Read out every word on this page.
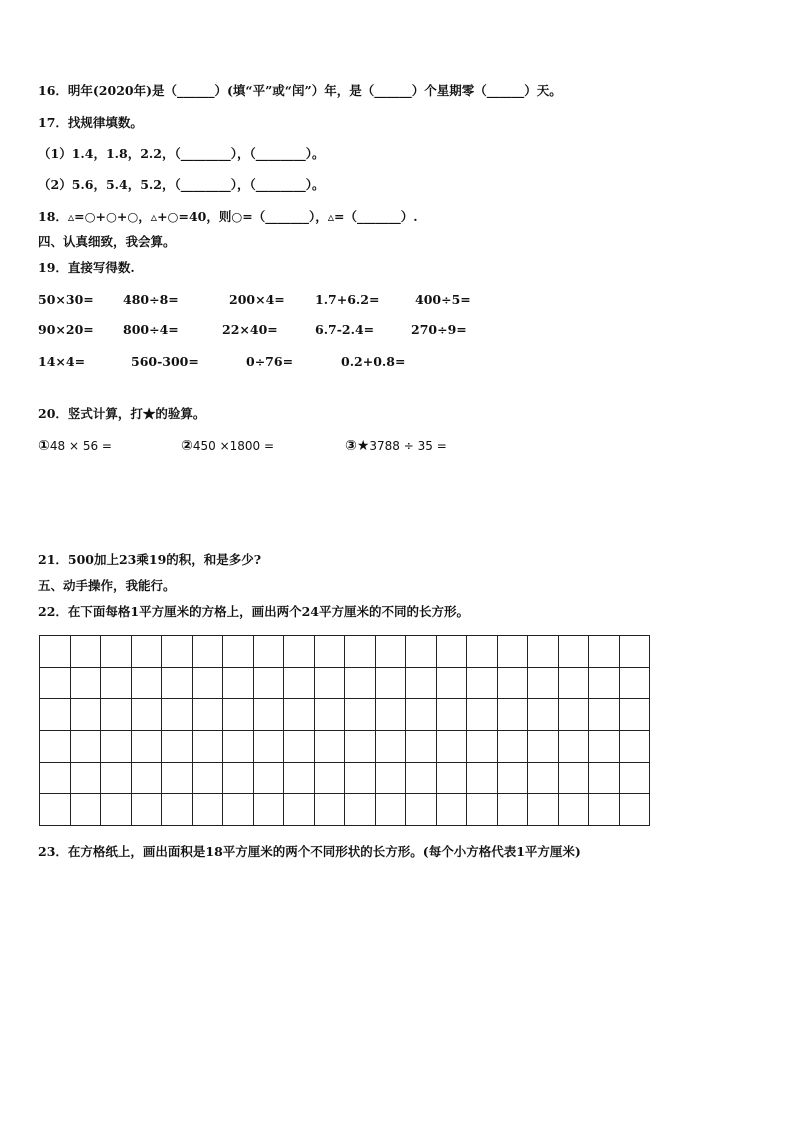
16．明年(2020年)是（______）(填“平”或“闰”）年，是（______）个星期零（______）天。
17．找规律填数。
（1）1.4，1.8，2.2，（________），（________）。
（2）5.6，5.4，5.2，（________），（________）。
18．▵=○+○+○，▵+○=40，则○=（_______），▵=（_______）.
四、认真细致，我会算。
19．直接写得数.
50×30= 480÷8=	200×4= 1.7+6.2=	400÷5=
90×20= 800÷4=	22×40=	6.7-2.4=	270÷9=
14×4=	560-300=	0÷76=	0.2+0.8=
20．竖式计算，打★的验算。
①48 × 56 =	②450 ×1800 =	③★3788 ÷ 35 =
21．500加上23乘19的积，和是多少?
五、动手操作，我能行。
22．在下面每格1平方厘米的方格上，画出两个24平方厘米的不同的长方形。

23．在方格纸上，画出面积是18平方厘米的两个不同形状的长方形。(每个小方格代表1平方厘米)
